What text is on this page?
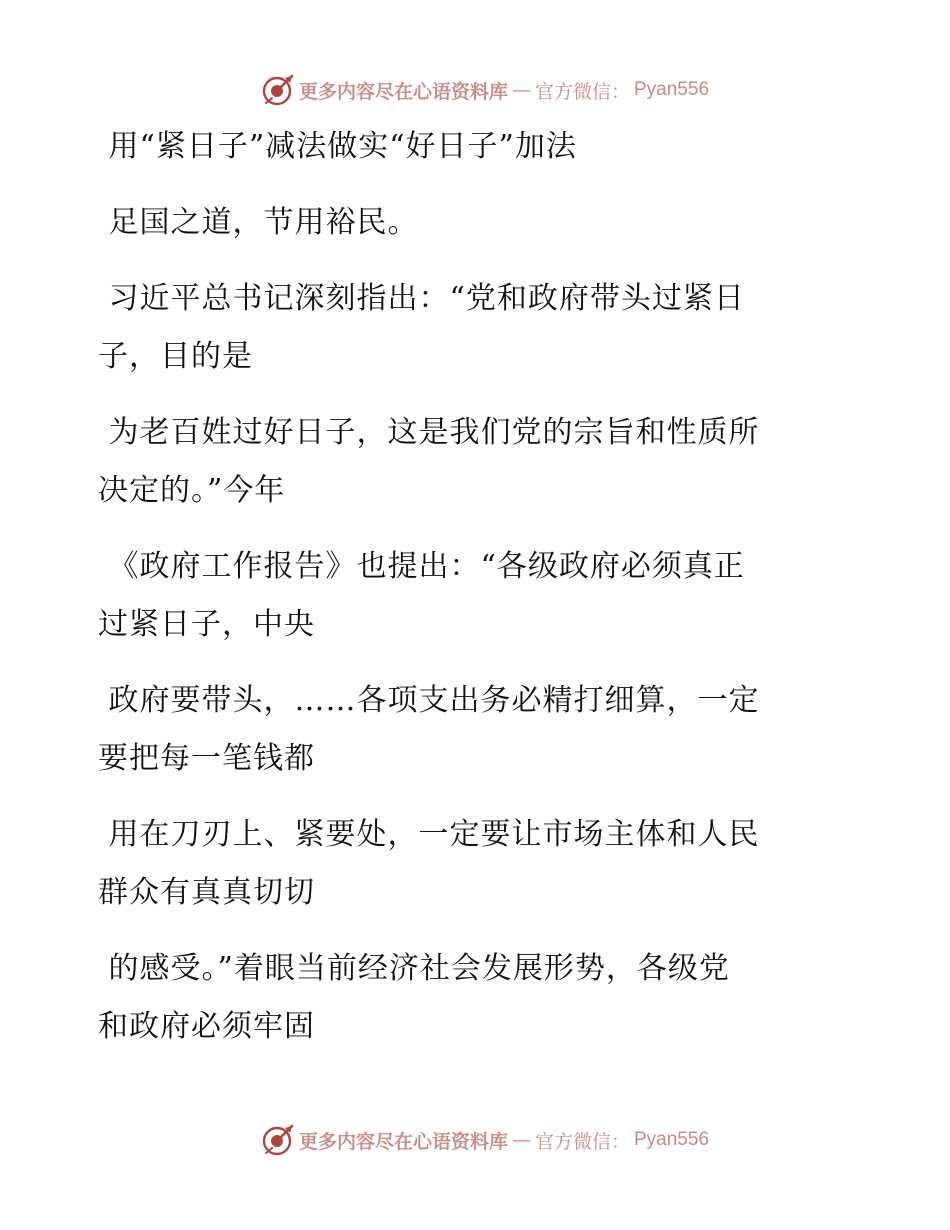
更多内容尽在心语资料库 — 官方微信： Pyan556

用“紧日子”减法做实“好日子”加法

足国之道，节用裕民。

习近平总书记深刻指出：“党和政府带头过紧日
子，目的是

为老百姓过好日子，这是我们党的宗旨和性质所
决定的。”今年

《政府工作报告》也提出：“各级政府必须真正
过紧日子，中央

政府要带头，……各项支出务必精打细算，一定
要把每一笔钱都

用在刀刃上、紧要处，一定要让市场主体和人民
群众有真真切切

的感受。”着眼当前经济社会发展形势，各级党
和政府必须牢固

更多内容尽在心语资料库 — 官方微信： Pyan556
